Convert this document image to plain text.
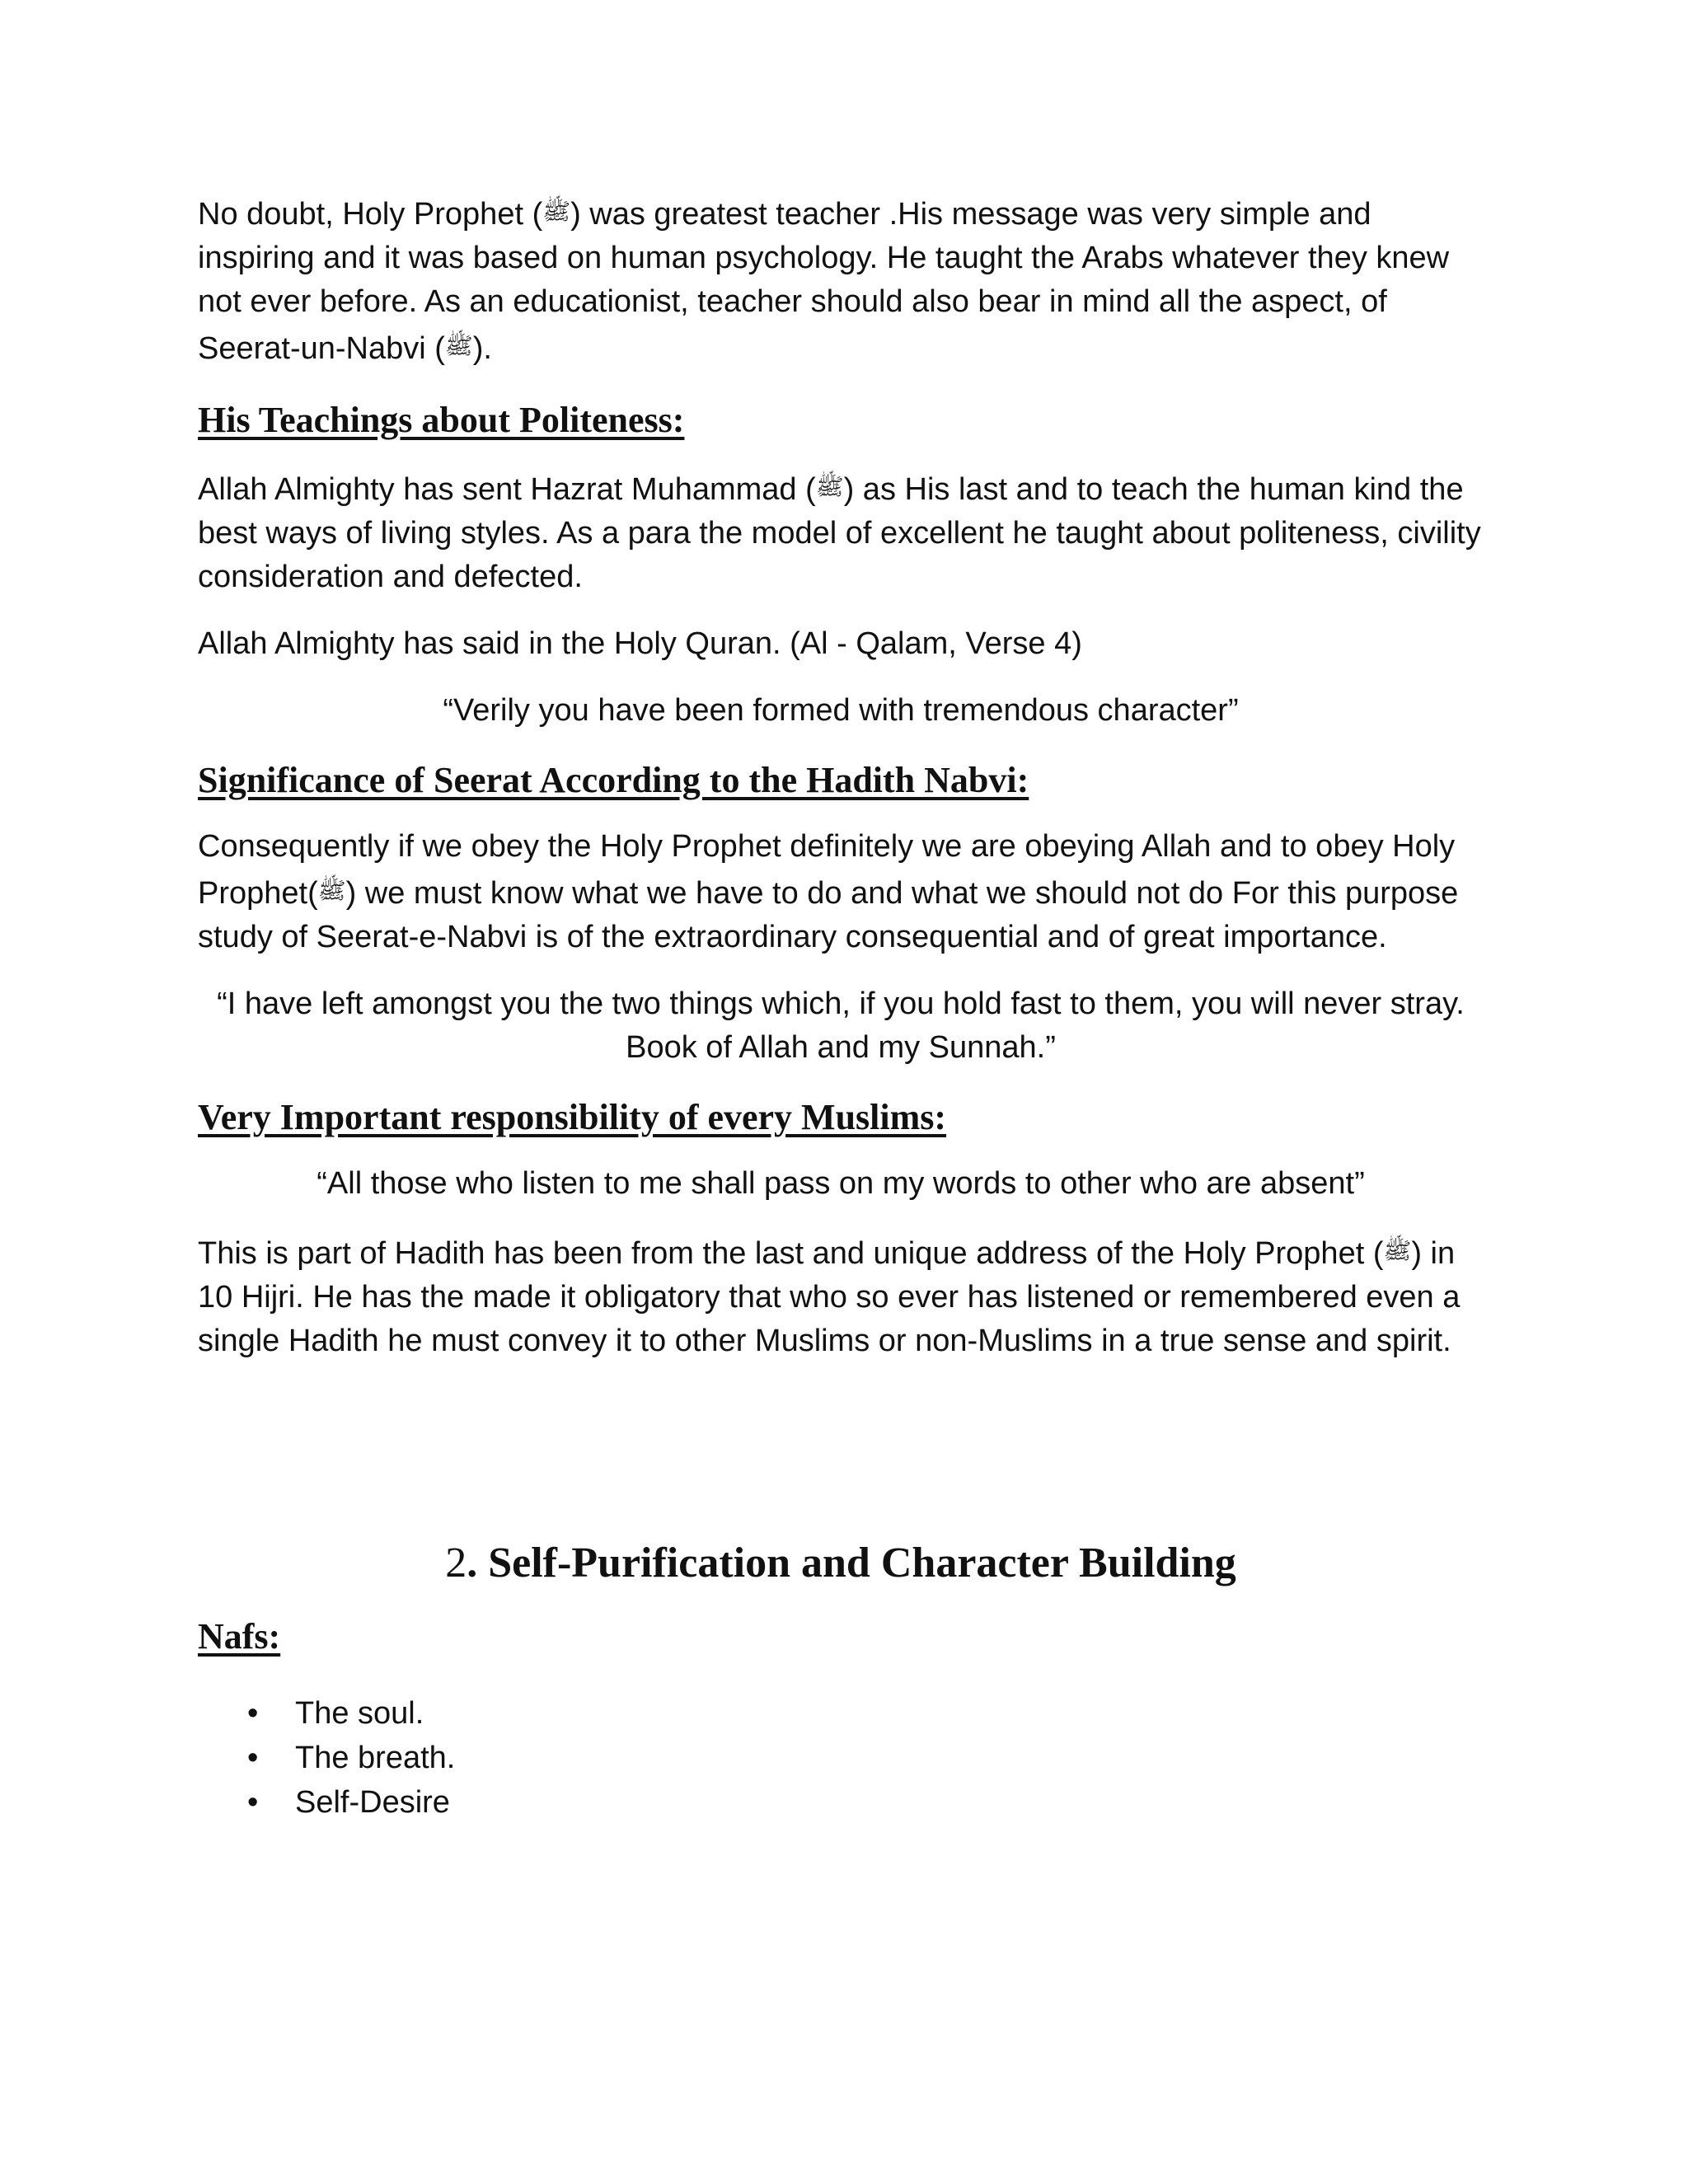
No doubt, Holy Prophet (ﷺ) was greatest teacher .His message was very simple and inspiring and it was based on human psychology. He taught the Arabs whatever they knew not ever before. As an educationist, teacher should also bear in mind all the aspect, of Seerat-un-Nabvi (ﷺ).

His Teachings about Politeness:

Allah Almighty has sent Hazrat Muhammad (ﷺ) as His last and to teach the human kind the best ways of living styles. As a para the model of excellent he taught about politeness, civility consideration and defected.

Allah Almighty has said in the Holy Quran. (Al - Qalam, Verse 4)

“Verily you have been formed with tremendous character”

Significance of Seerat According to the Hadith Nabvi:

Consequently if we obey the Holy Prophet definitely we are obeying Allah and to obey Holy Prophet(ﷺ) we must know what we have to do and what we should not do For this purpose study of Seerat-e-Nabvi is of the extraordinary consequential and of great importance.

“I have left amongst you the two things which, if you hold fast to them, you will never stray. Book of Allah and my Sunnah.”

Very Important responsibility of every Muslims:

“All those who listen to me shall pass on my words to other who are absent”

This is part of Hadith has been from the last and unique address of the Holy Prophet (ﷺ) in 10 Hijri. He has the made it obligatory that who so ever has listened or remembered even a single Hadith he must convey it to other Muslims or non-Muslims in a true sense and spirit.

2. Self-Purification and Character Building
Nafs:
• The soul.
• The breath.
• Self-Desire
